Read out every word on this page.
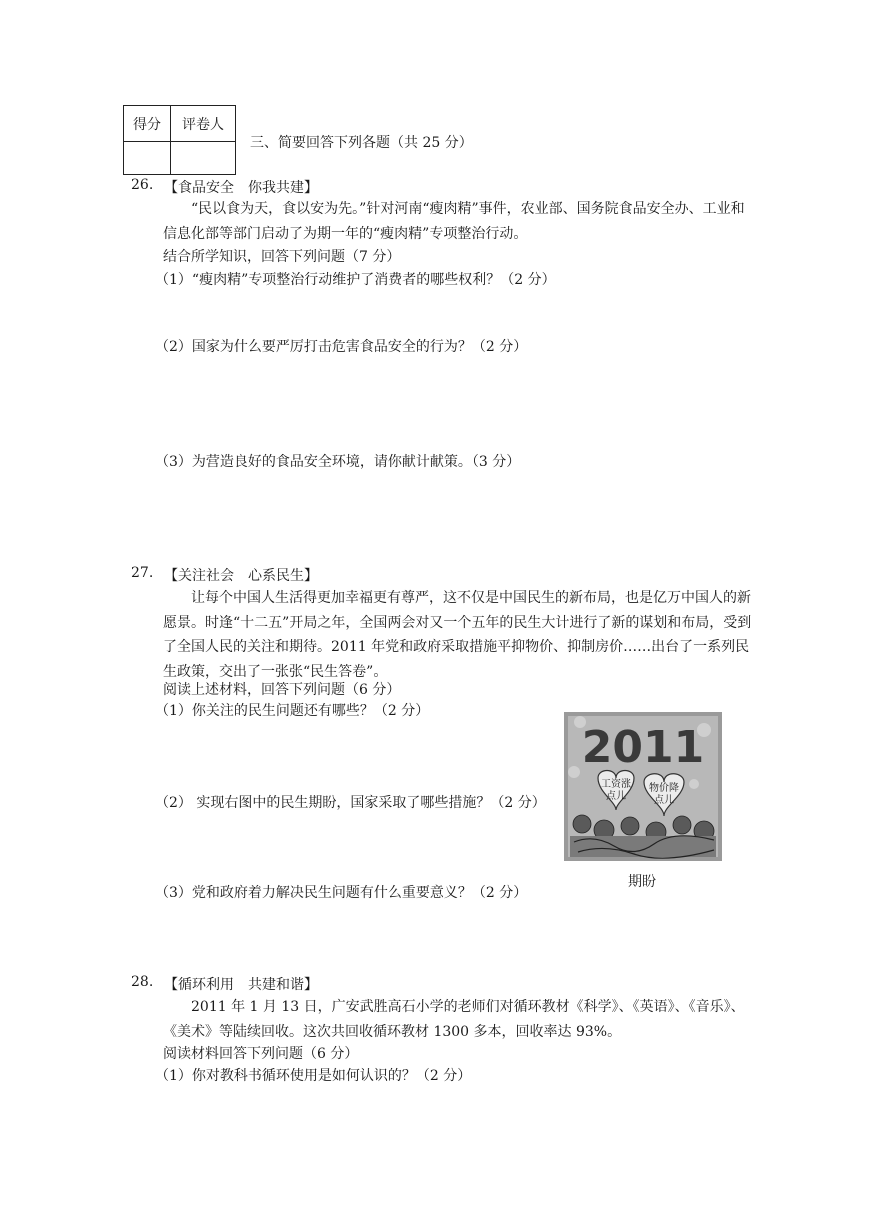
得分	评卷人

三、简要回答下列各题（共 25 分）
26. 【食品安全　你我共建】
“民以食为天，食以安为先。”针对河南“瘦肉精”事件，农业部、国务院食品安全办、工业和信息化部等部门启动了为期一年的“瘦肉精”专项整治行动。
结合所学知识，回答下列问题（7 分）
（1）“瘦肉精”专项整治行动维护了消费者的哪些权利？（2 分）
（2）国家为什么要严厉打击危害食品安全的行为？（2 分）
（3）为营造良好的食品安全环境，请你献计献策。（3 分）
27. 【关注社会　心系民生】
让每个中国人生活得更加幸福更有尊严，这不仅是中国民生的新布局，也是亿万中国人的新愿景。时逢“十二五”开局之年，全国两会对又一个五年的民生大计进行了新的谋划和布局，受到了全国人民的关注和期待。2011 年党和政府采取措施平抑物价、抑制房价……出台了一系列民生政策，交出了一张张“民生答卷”。
阅读上述材料，回答下列问题（6 分）
（1）你关注的民生问题还有哪些？（2 分）
（2） 实现右图中的民生期盼，国家采取了哪些措施？（2 分）
（3）党和政府着力解决民生问题有什么重要意义？（2 分）
2011
工资涨
点儿
物价降
点儿
期盼
28. 【循环利用　共建和谐】
2011 年 1 月 13 日，广安武胜高石小学的老师们对循环教材《科学》、《英语》、《音乐》、《美术》等陆续回收。这次共回收循环教材 1300 多本，回收率达 93%。
阅读材料回答下列问题（6 分）
（1）你对教科书循环使用是如何认识的？（2 分）
